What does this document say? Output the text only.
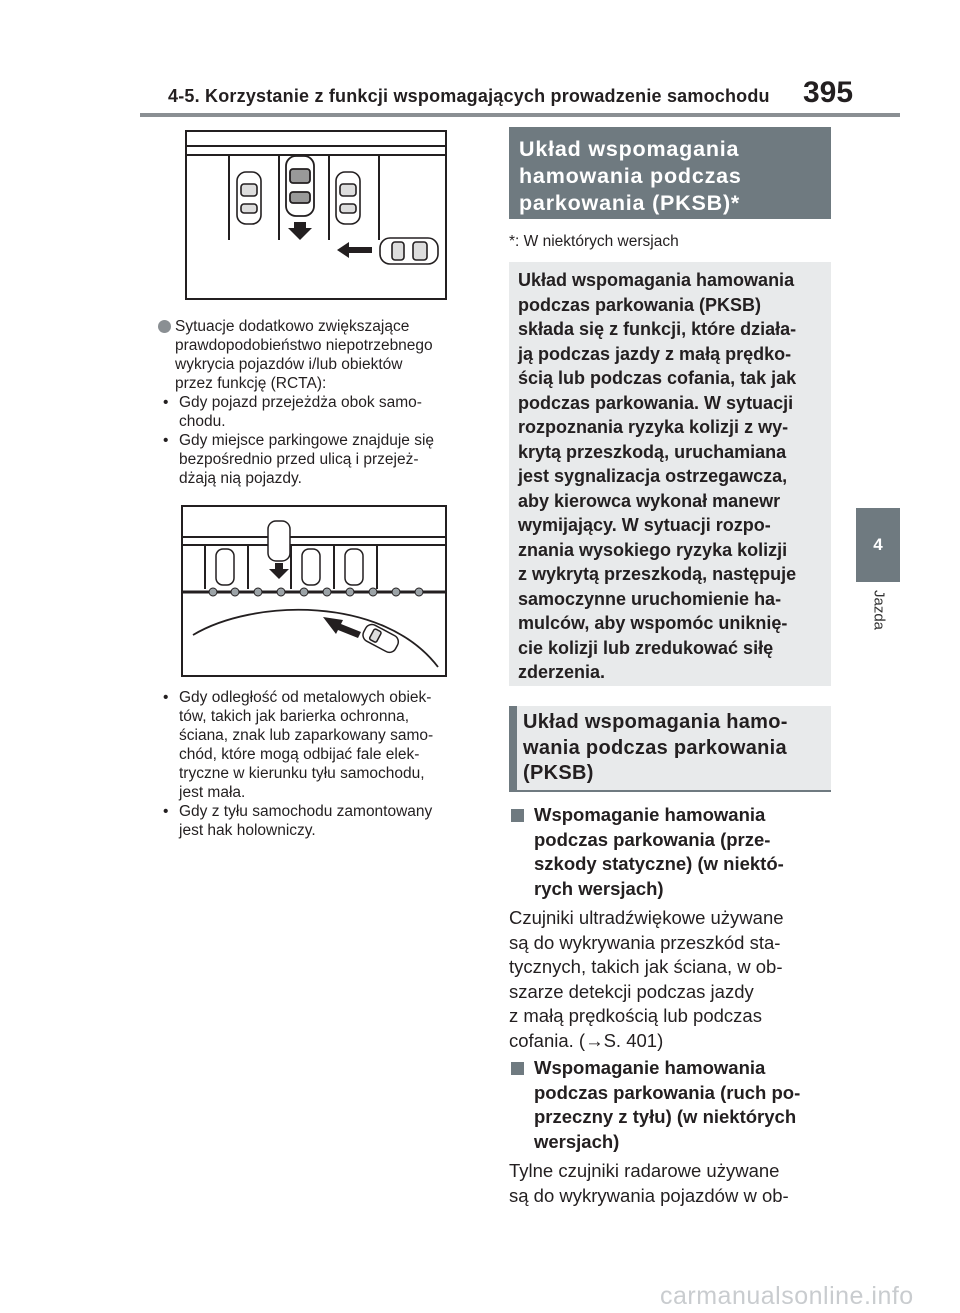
4-5. Korzystanie z funkcji wspomagających prowadzenie samochodu 395
4
Jazda
Sytuacje dodatkowo zwiększające
prawdopodobieństwo niepotrzebnego
wykrycia pojazdów i/lub obiektów
przez funkcję (RCTA):
• Gdy pojazd przejeżdża obok samo-
chodu.
• Gdy miejsce parkingowe znajduje się
bezpośrednio przed ulicą i przejeż-
dżają nią pojazdy.
• Gdy odległość od metalowych obiek-
tów, takich jak barierka ochronna,
ściana, znak lub zaparkowany samo-
chód, które mogą odbijać fale elek-
tryczne w kierunku tyłu samochodu,
jest mała.
• Gdy z tyłu samochodu zamontowany
jest hak holowniczy.
Układ wspomagania
hamowania podczas
parkowania (PKSB)*
*: W niektórych wersjach
Układ wspomagania hamowania
podczas parkowania (PKSB)
składa się z funkcji, które działa-
ją podczas jazdy z małą prędko-
ścią lub podczas cofania, tak jak
podczas parkowania. W sytuacji
rozpoznania ryzyka kolizji z wy-
krytą przeszkodą, uruchamiana
jest sygnalizacja ostrzegawcza,
aby kierowca wykonał manewr
wymijający. W sytuacji rozpo-
znania wysokiego ryzyka kolizji
z wykrytą przeszkodą, następuje
samoczynne uruchomienie ha-
mulców, aby wspomóc uniknię-
cie kolizji lub zredukować siłę
zderzenia.
Układ wspomagania hamo-
wania podczas parkowania
(PKSB)
Wspomaganie hamowania
podczas parkowania (prze-
szkody statyczne) (w niektó-
rych wersjach)
Czujniki ultradźwiękowe używane
są do wykrywania przeszkód sta-
tycznych, takich jak ściana, w ob-
szarze detekcji podczas jazdy
z małą prędkością lub podczas
cofania. (→S. 401)
Wspomaganie hamowania
podczas parkowania (ruch po-
przeczny z tyłu) (w niektórych
wersjach)
Tylne czujniki radarowe używane
są do wykrywania pojazdów w ob-
carmanualsonline.info
